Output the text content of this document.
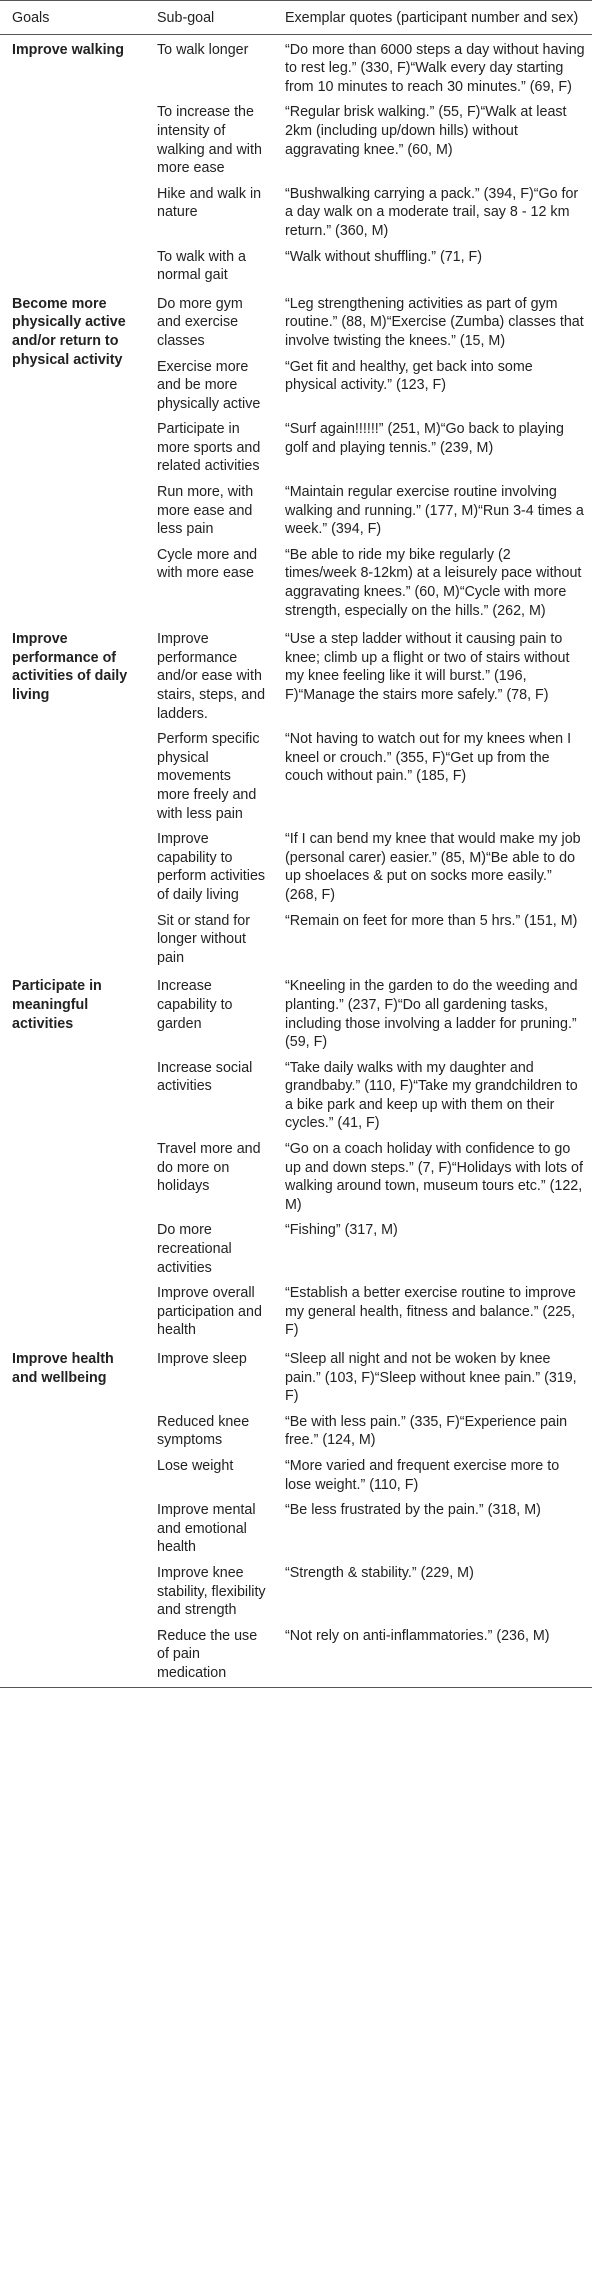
Goals	Sub-goal	Exemplar quotes (participant number and sex)
Improve walking	To walk longer	“Do more than 6000 steps a day without having to rest leg.” (330, F)“Walk every day starting from 10 minutes to reach 30 minutes.” (69, F)
	To increase the intensity of walking and with more ease	“Regular brisk walking.” (55, F)“Walk at least 2km (including up/down hills) without aggravating knee.” (60, M)
	Hike and walk in nature	“Bushwalking carrying a pack.” (394, F)“Go for a day walk on a moderate trail, say 8 - 12 km return.” (360, M)
	To walk with a normal gait	“Walk without shuffling.” (71, F)
Become more physically active and/or return to physical activity	Do more gym and exercise classes	“Leg strengthening activities as part of gym routine.” (88, M)“Exercise (Zumba) classes that involve twisting the knees.” (15, M)
	Exercise more and be more physically active	“Get fit and healthy, get back into some physical activity.” (123, F)
	Participate in more sports and related activities	“Surf again!!!!!!” (251, M)“Go back to playing golf and playing tennis.” (239, M)
	Run more, with more ease and less pain	“Maintain regular exercise routine involving walking and running.” (177, M)“Run 3-4 times a week.” (394, F)
	Cycle more and with more ease	“Be able to ride my bike regularly (2 times/week 8-12km) at a leisurely pace without aggravating knees.” (60, M)“Cycle with more strength, especially on the hills.” (262, M)
Improve performance of activities of daily living	Improve performance and/or ease with stairs, steps, and ladders.	“Use a step ladder without it causing pain to knee; climb up a flight or two of stairs without my knee feeling like it will burst.” (196, F)“Manage the stairs more safely.” (78, F)
	Perform specific physical movements more freely and with less pain	“Not having to watch out for my knees when I kneel or crouch.” (355, F)“Get up from the couch without pain.” (185, F)
	Improve capability to perform activities of daily living	“If I can bend my knee that would make my job (personal carer) easier.” (85, M)“Be able to do up shoelaces & put on socks more easily.” (268, F)
	Sit or stand for longer without pain	“Remain on feet for more than 5 hrs.” (151, M)
Participate in meaningful activities	Increase capability to garden	“Kneeling in the garden to do the weeding and planting.” (237, F)“Do all gardening tasks, including those involving a ladder for pruning.” (59, F)
	Increase social activities	“Take daily walks with my daughter and grandbaby.” (110, F)“Take my grandchildren to a bike park and keep up with them on their cycles.” (41, F)
	Travel more and do more on holidays	“Go on a coach holiday with confidence to go up and down steps.” (7, F)“Holidays with lots of walking around town, museum tours etc.” (122, M)
	Do more recreational activities	“Fishing” (317, M)
	Improve overall participation and health	“Establish a better exercise routine to improve my general health, fitness and balance.” (225, F)
Improve health and wellbeing	Improve sleep	“Sleep all night and not be woken by knee pain.” (103, F)“Sleep without knee pain.” (319, F)
	Reduced knee symptoms	“Be with less pain.” (335, F)“Experience pain free.” (124, M)
	Lose weight	“More varied and frequent exercise more to lose weight.” (110, F)
	Improve mental and emotional health	“Be less frustrated by the pain.” (318, M)
	Improve knee stability, flexibility and strength	“Strength & stability.” (229, M)
	Reduce the use of pain medication	“Not rely on anti-inflammatories.” (236, M)
